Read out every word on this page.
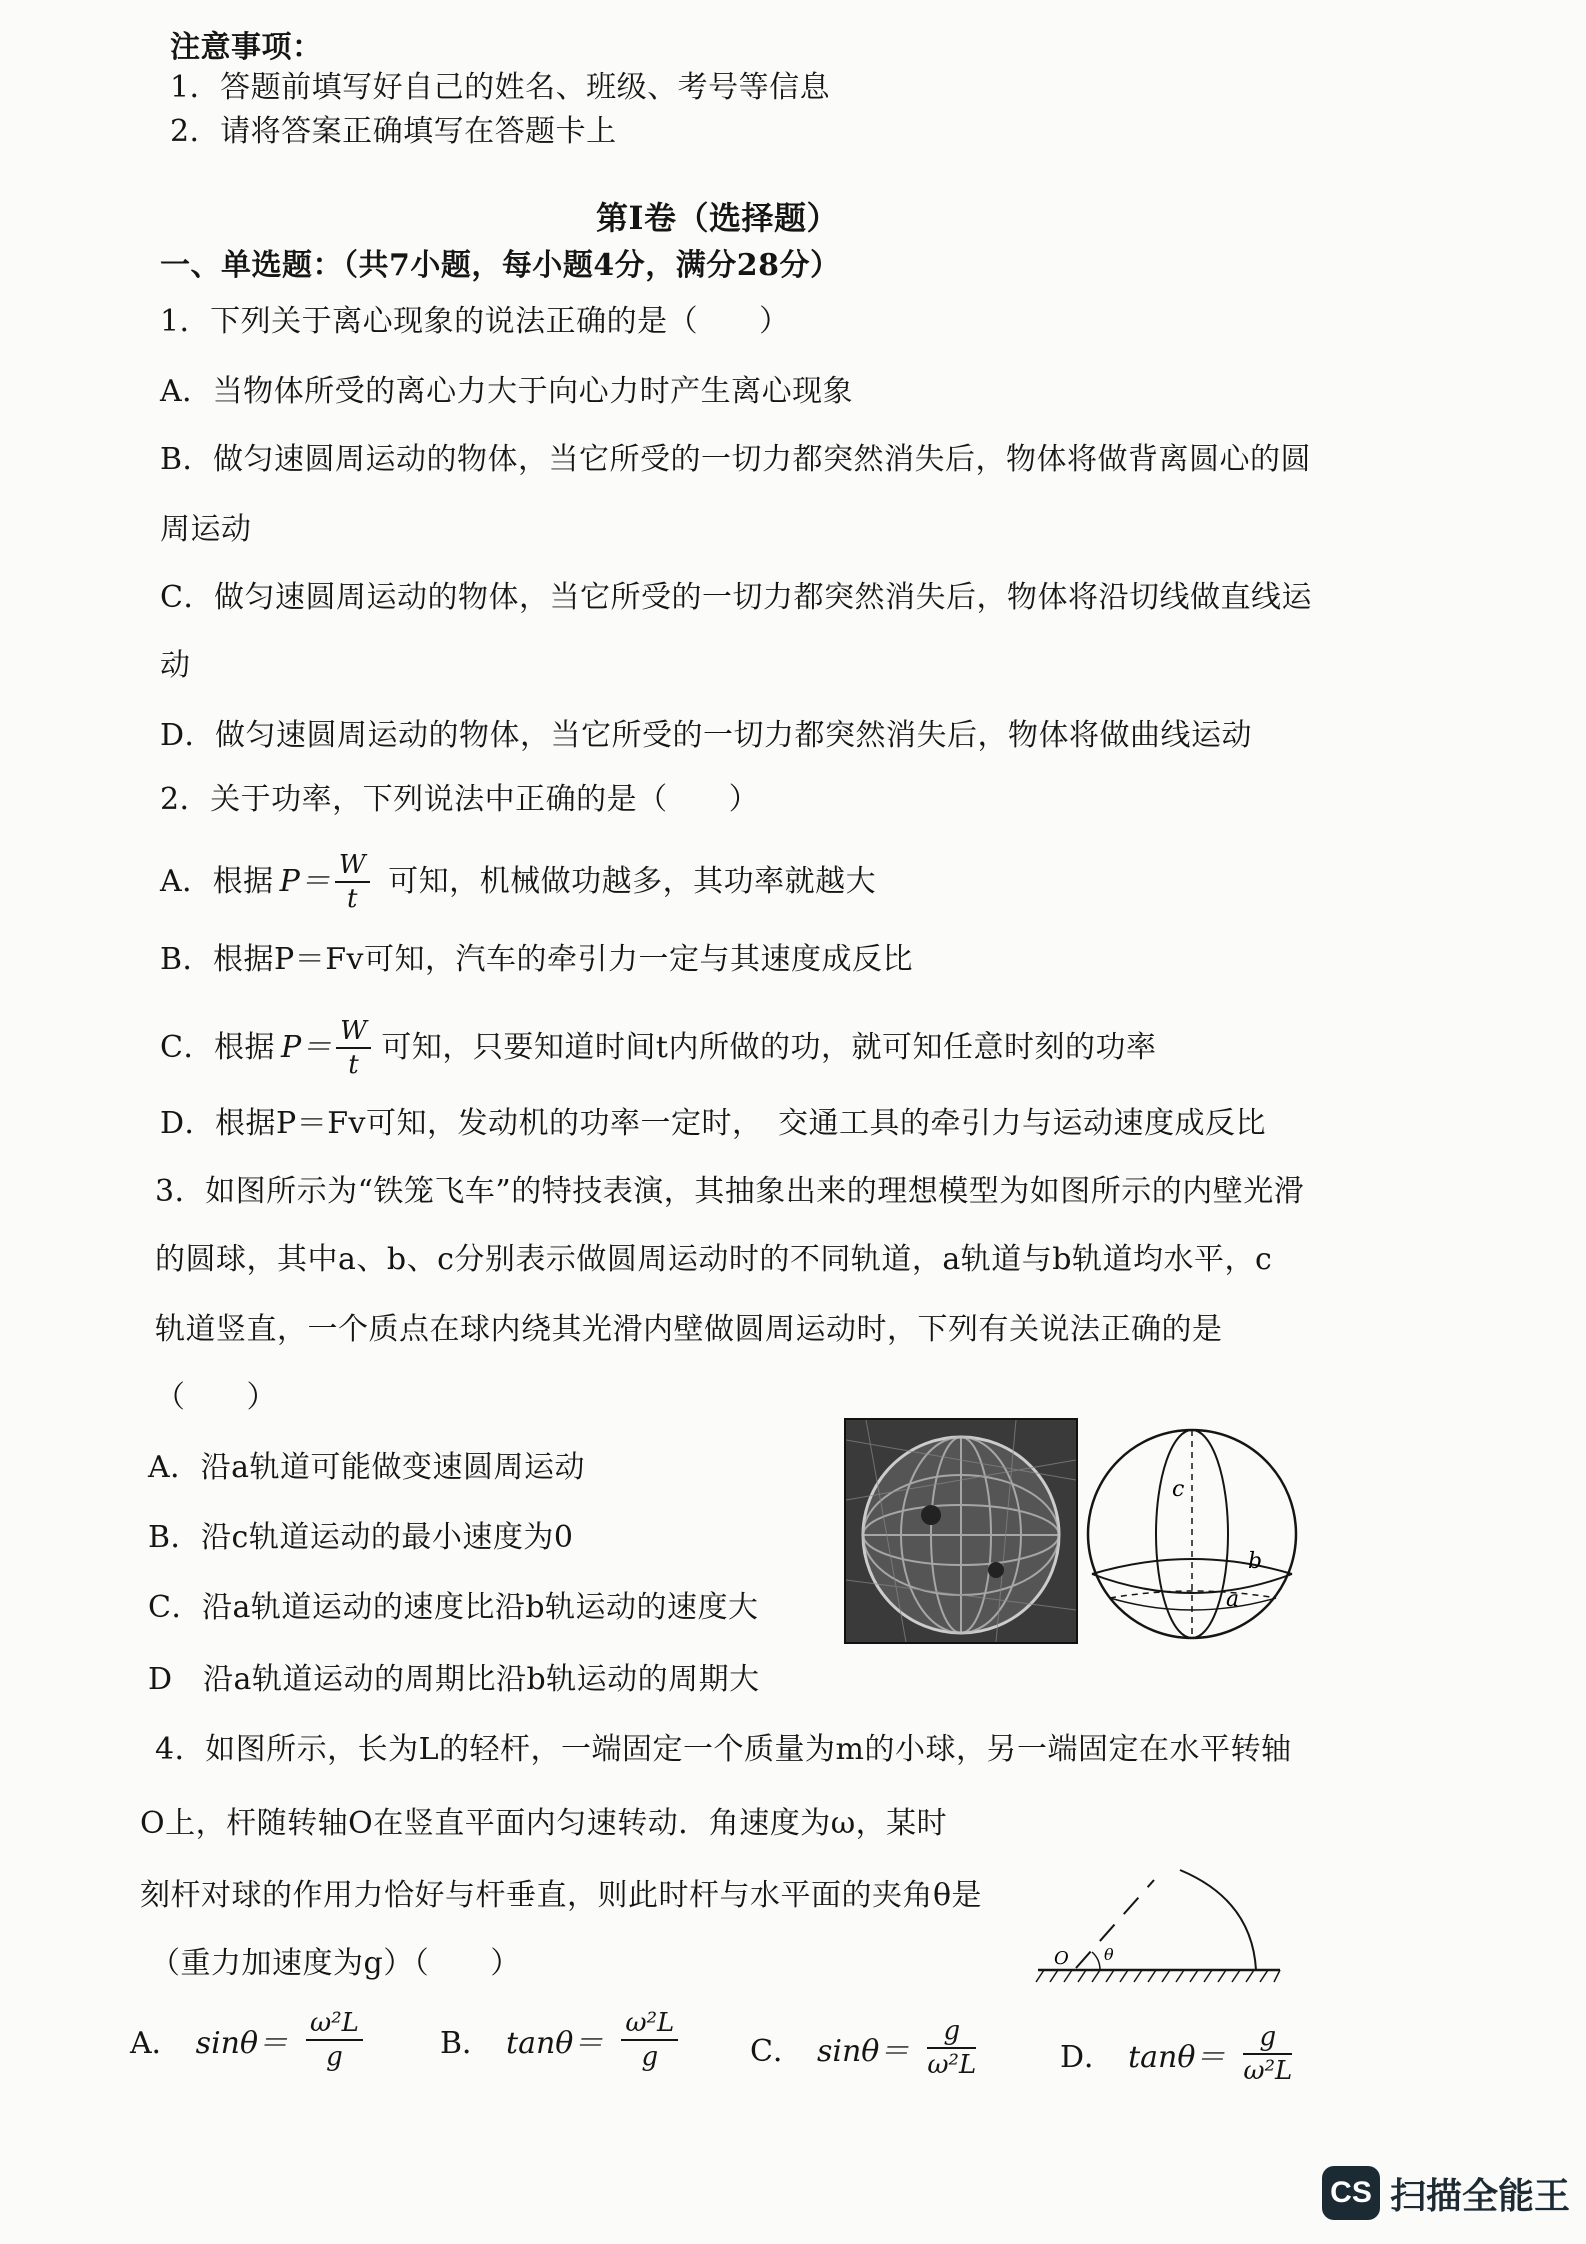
注意事项：
1．答题前填写好自己的姓名、班级、考号等信息
2．请将答案正确填写在答题卡上
第Ⅰ卷（选择题）
一、单选题：（共7小题，每小题4分，满分28分）
1．下列关于离心现象的说法正确的是（　　）
A．当物体所受的离心力大于向心力时产生离心现象
B．做匀速圆周运动的物体，当它所受的一切力都突然消失后，物体将做背离圆心的圆
周运动
C．做匀速圆周运动的物体，当它所受的一切力都突然消失后，物体将沿切线做直线运
动
D．做匀速圆周运动的物体，当它所受的一切力都突然消失后，物体将做曲线运动
2．关于功率，下列说法中正确的是（　　）
A．根据 $P= \frac{W}{t}$ 可知，机械做功越多，其功率就越大
B．根据P＝Fv可知，汽车的牵引力一定与其速度成反比
C．根据 $P= \frac{W}{t}$ 可知，只要知道时间t内所做的功，就可知任意时刻的功率
D．根据P＝Fv可知，发动机的功率一定时，　交通工具的牵引力与运动速度成反比
3．如图所示为“铁笼飞车”的特技表演，其抽象出来的理想模型为如图所示的内壁光滑
的圆球，其中a、b、c分别表示做圆周运动时的不同轨道，a轨道与b轨道均水平，c
轨道竖直，一个质点在球内绕其光滑内壁做圆周运动时，下列有关说法正确的是
（　　）
A．沿a轨道可能做变速圆周运动
B．沿c轨道运动的最小速度为0
C．沿a轨道运动的速度比沿b轨运动的速度大
D　沿a轨道运动的周期比沿b轨运动的周期大
c
b
a
4．如图所示，长为L的轻杆，一端固定一个质量为m的小球，另一端固定在水平转轴
O上，杆随转轴O在竖直平面内匀速转动．角速度为ω，某时
刻杆对球的作用力恰好与杆垂直，则此时杆与水平面的夹角θ是
（重力加速度为g）（　　）	O θ
A． $\sin\theta= \frac{\text{ω²L}}{g}$	B． $\tan\theta= \frac{\text{ω²L}}{g}$ C． $\sin\theta= \frac{g}{\text{ω²L}}$	D． $\tan\theta= \frac{g}{\text{ω²L}}$
CS 扫描全能王
